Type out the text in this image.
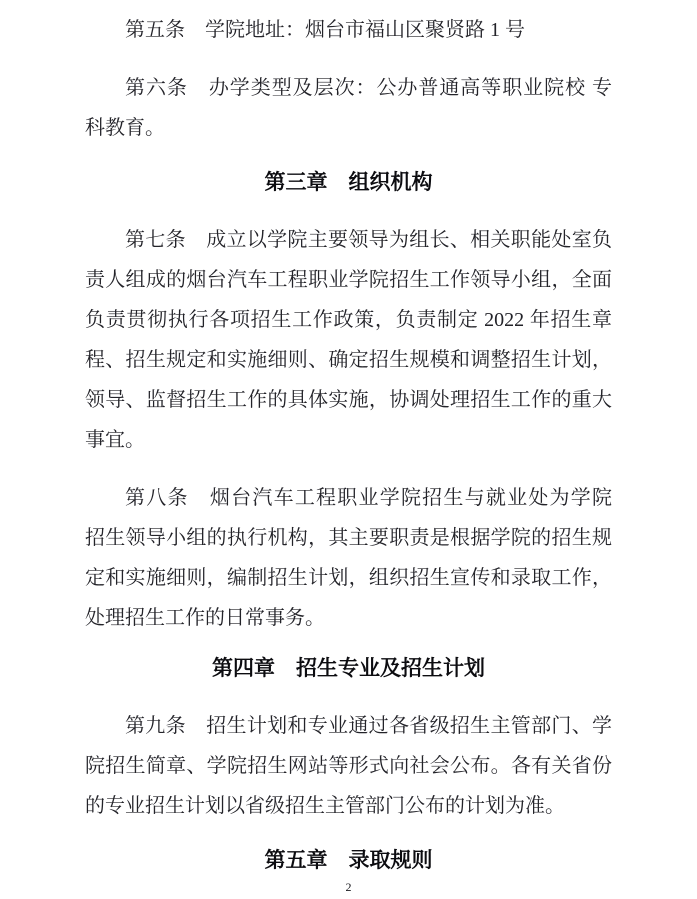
第五条　学院地址：烟台市福山区聚贤路 1 号
第六条　办学类型及层次：公办普通高等职业院校 专
科教育。
第三章　组织机构
第七条　成立以学院主要领导为组长、相关职能处室负
责人组成的烟台汽车工程职业学院招生工作领导小组，全面
负责贯彻执行各项招生工作政策，负责制定 2022 年招生章
程、招生规定和实施细则、确定招生规模和调整招生计划，
领导、监督招生工作的具体实施，协调处理招生工作的重大
事宜。
第八条　烟台汽车工程职业学院招生与就业处为学院
招生领导小组的执行机构，其主要职责是根据学院的招生规
定和实施细则，编制招生计划，组织招生宣传和录取工作，
处理招生工作的日常事务。
第四章　招生专业及招生计划
第九条　招生计划和专业通过各省级招生主管部门、学
院招生简章、学院招生网站等形式向社会公布。各有关省份
的专业招生计划以省级招生主管部门公布的计划为准。
第五章　录取规则
2
